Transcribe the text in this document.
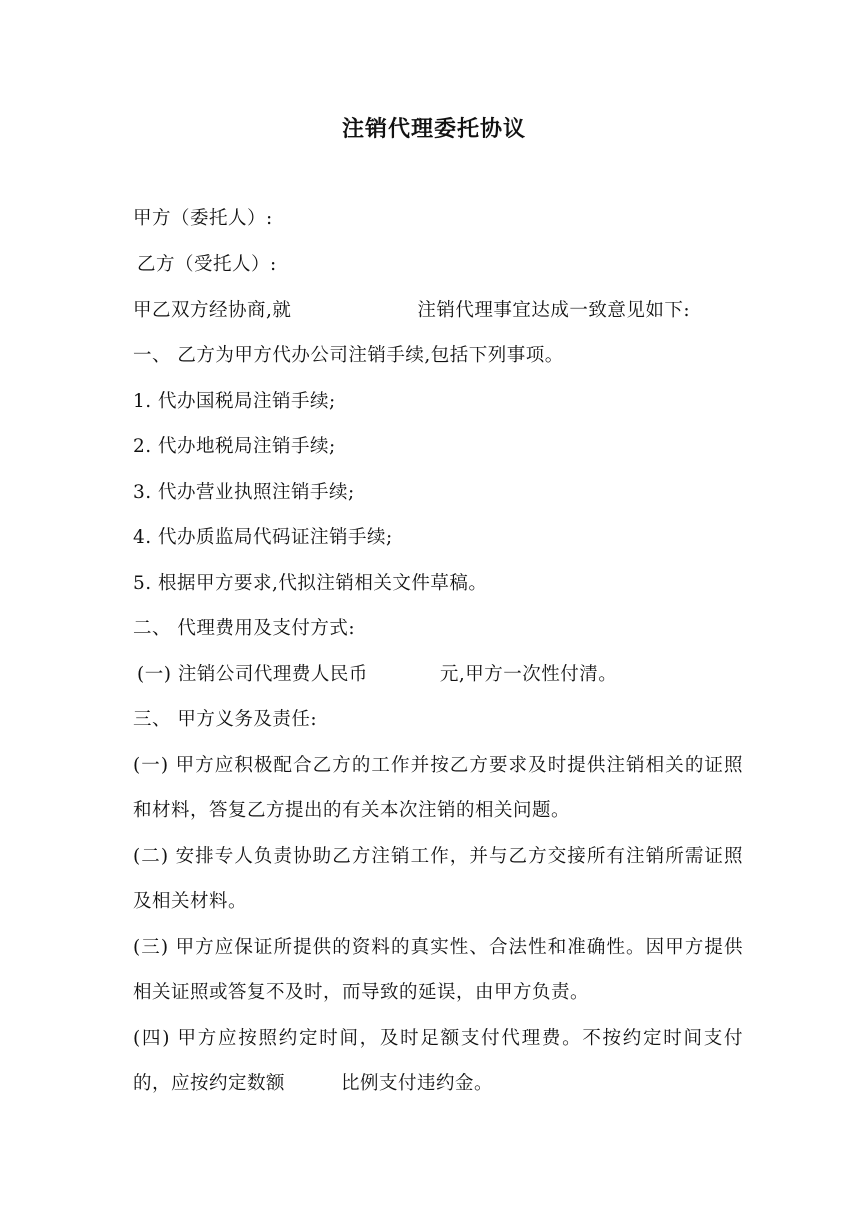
注销代理委托协议
甲方（委托人）:
乙方（受托人）:
甲乙双方经协商,就	注销代理事宜达成一致意见如下:
一、 乙方为甲方代办公司注销手续,包括下列事项。
1. 代办国税局注销手续;
2. 代办地税局注销手续;
3. 代办营业执照注销手续;
4. 代办质监局代码证注销手续;
5. 根据甲方要求,代拟注销相关文件草稿。
二、 代理费用及支付方式:
(一) 注销公司代理费人民币	元,甲方一次性付清。
三、 甲方义务及责任:
(一) 甲方应积极配合乙方的工作并按乙方要求及时提供注销相关的证照和材料，答复乙方提出的有关本次注销的相关问题。
(二) 安排专人负责协助乙方注销工作，并与乙方交接所有注销所需证照及相关材料。
(三) 甲方应保证所提供的资料的真实性、合法性和准确性。因甲方提供相关证照或答复不及时，而导致的延误，由甲方负责。
(四) 甲方应按照约定时间，及时足额支付代理费。不按约定时间支付的，应按约定数额	比例支付违约金。
